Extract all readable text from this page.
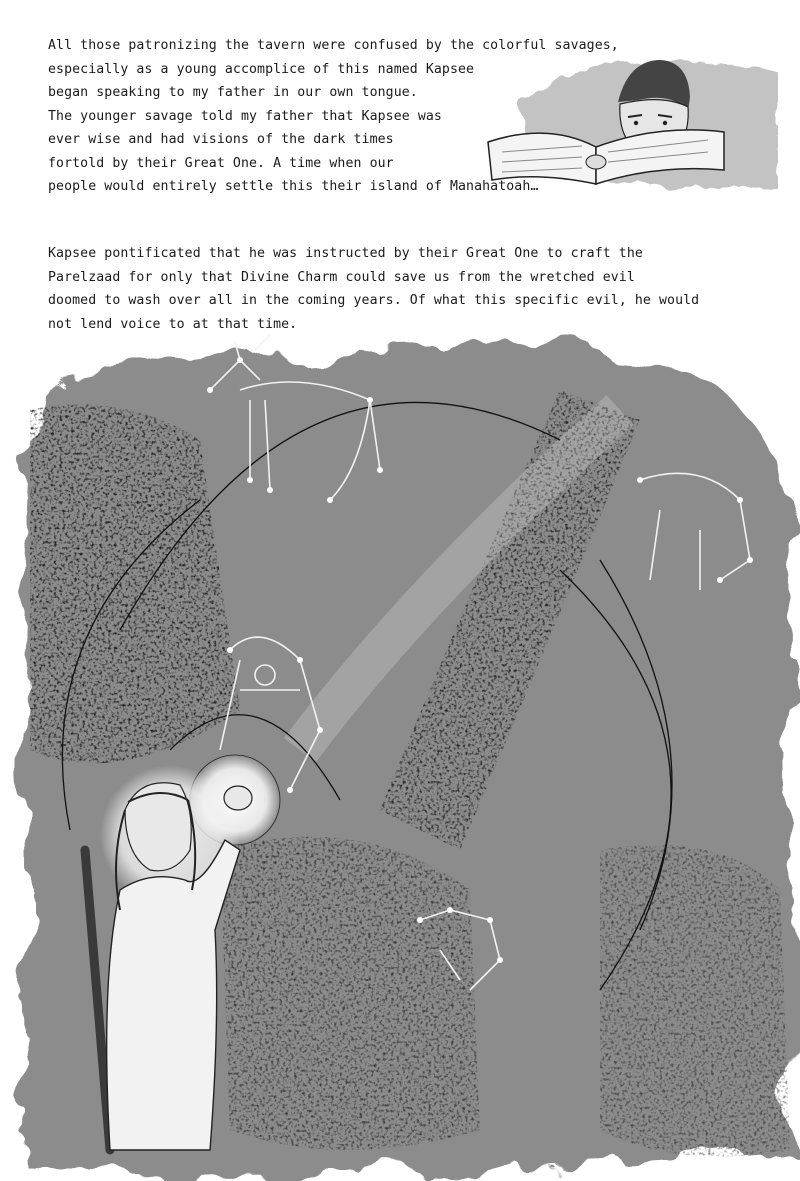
All those patronizing the tavern were confused by the colorful savages,
especially as a young accomplice of this named Kapsee
began speaking to my father in our own tongue.
The younger savage told my father that Kapsee was
ever wise and had visions of the dark times
fortold by their Great One. A time when our
people would entirely settle this their island of Manahatoah…
Kapsee pontificated that he was instructed by their Great One to craft the
Parelzaad for only that Divine Charm could save us from the wretched evil
doomed to wash over all in the coming years. Of what this specific evil, he would
not lend voice to at that time.
